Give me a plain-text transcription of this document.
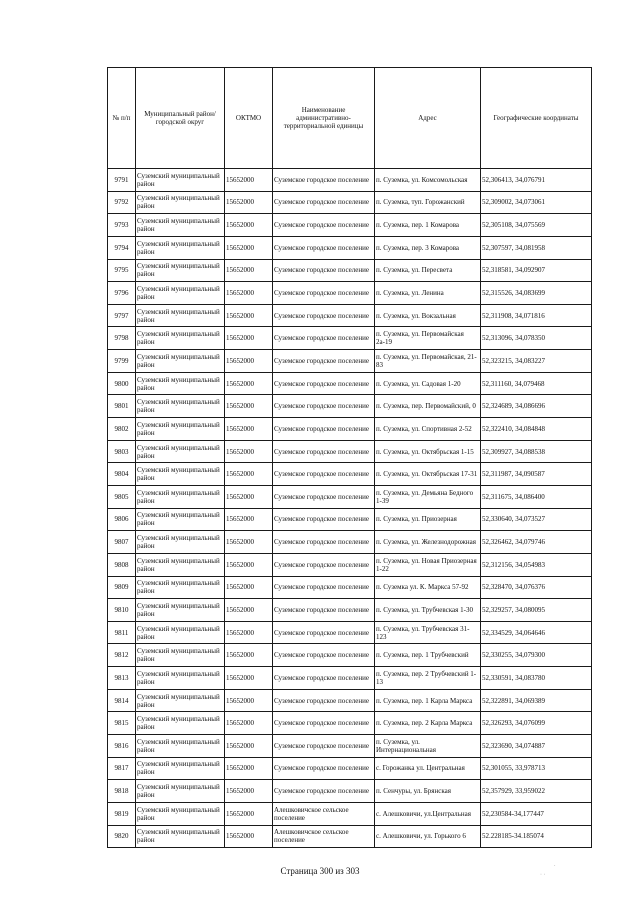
№ п/п	Муниципальный район/городской округ	ОКТМО	Наименование административно-территориальной единицы	Адрес	Географические координаты
9791	Суземский муниципальный район	15652000	Суземское городское поселение	п. Суземка, ул. Комсомольская	52,306413, 34,076791
9792	Суземский муниципальный район	15652000	Суземское городское поселение	п. Суземка, туп. Горожанский	52,309002, 34,073061
9793	Суземский муниципальный район	15652000	Суземское городское поселение	п. Суземка, пер. 1 Комарова	52,305108, 34,075569
9794	Суземский муниципальный район	15652000	Суземское городское поселение	п. Суземка, пер. 3 Комарова	52,307597, 34,081958
9795	Суземский муниципальный район	15652000	Суземское городское поселение	п. Суземка, ул. Пересвета	52,318581, 34,092907
9796	Суземский муниципальный район	15652000	Суземское городское поселение	п. Суземка, ул. Ленина	52,315526, 34,083699
9797	Суземский муниципальный район	15652000	Суземское городское поселение	п. Суземка, ул. Вокзальная	52,311908, 34,071816
9798	Суземский муниципальный район	15652000	Суземское городское поселение	п. Суземка, ул. Первомайская 2а-19	52,313096, 34,078350
9799	Суземский муниципальный район	15652000	Суземское городское поселение	п. Суземка, ул. Первомайская, 21-83	52,323215, 34,083227
9800	Суземский муниципальный район	15652000	Суземское городское поселение	п. Суземка, ул. Садовая 1-20	52,311160, 34,079468
9801	Суземский муниципальный район	15652000	Суземское городское поселение	п. Суземка, пер. Первомайский, 0	52,324689, 34,086696
9802	Суземский муниципальный район	15652000	Суземское городское поселение	п. Суземка, ул. Спортивная 2-52	52,322410, 34,084848
9803	Суземский муниципальный район	15652000	Суземское городское поселение	п. Суземка, ул. Октябрьская 1-15	52,309927, 34,088538
9804	Суземский муниципальный район	15652000	Суземское городское поселение	п. Суземка, ул. Октябрьская 17-31	52,311987, 34,090587
9805	Суземский муниципальный район	15652000	Суземское городское поселение	п. Суземка, ул. Демьяна Бедного 1-39	52,311675, 34,086400
9806	Суземский муниципальный район	15652000	Суземское городское поселение	п. Суземка, ул. Приозерная	52,330640, 34,073527
9807	Суземский муниципальный район	15652000	Суземское городское поселение	п. Суземка, ул. Железнодорожная	52,326462, 34,079746
9808	Суземский муниципальный район	15652000	Суземское городское поселение	п. Суземка, ул. Новая Приозерная 1-22	52,312156, 34,054983
9809	Суземский муниципальный район	15652000	Суземское городское поселение	п. Суземка ул. К. Маркса 57-92	52,328470, 34,076376
9810	Суземский муниципальный район	15652000	Суземское городское поселение	п. Суземка, ул. Трубчевская 1-30	52,329257, 34,080095
9811	Суземский муниципальный район	15652000	Суземское городское поселение	п. Суземка, ул. Трубчевская 31-123	52,334529, 34,064646
9812	Суземский муниципальный район	15652000	Суземское городское поселение	п. Суземка, пер. 1 Трубчевский	52,330255, 34,079300
9813	Суземский муниципальный район	15652000	Суземское городское поселение	п. Суземка, пер. 2 Трубчевский 1-13	52,330591, 34,083780
9814	Суземский муниципальный район	15652000	Суземское городское поселение	п. Суземка, пер. 1 Карла Маркса	52,322891, 34,069389
9815	Суземский муниципальный район	15652000	Суземское городское поселение	п. Суземка, пер. 2 Карла Маркса	52,326293, 34,076099
9816	Суземский муниципальный район	15652000	Суземское городское поселение	п. Суземка, ул. Интернациональная	52,323690, 34,074887
9817	Суземский муниципальный район	15652000	Суземское городское поселение	с. Горожанка ул. Центральная	52,301055, 33,978713
9818	Суземский муниципальный район	15652000	Суземское городское поселение	п. Сенчуры, ул. Брянская	52,357929, 33,959022
9819	Суземский муниципальный район	15652000	Алешковичское сельское поселение	с. Алешковичи, ул.Центральная	52,230584-34,177447
9820	Суземский муниципальный район	15652000	Алешковичское сельское поселение	с. Алешковичи, ул. Горького 6	52.228185-34.185074
Страница 300 из 303	· ·
.
